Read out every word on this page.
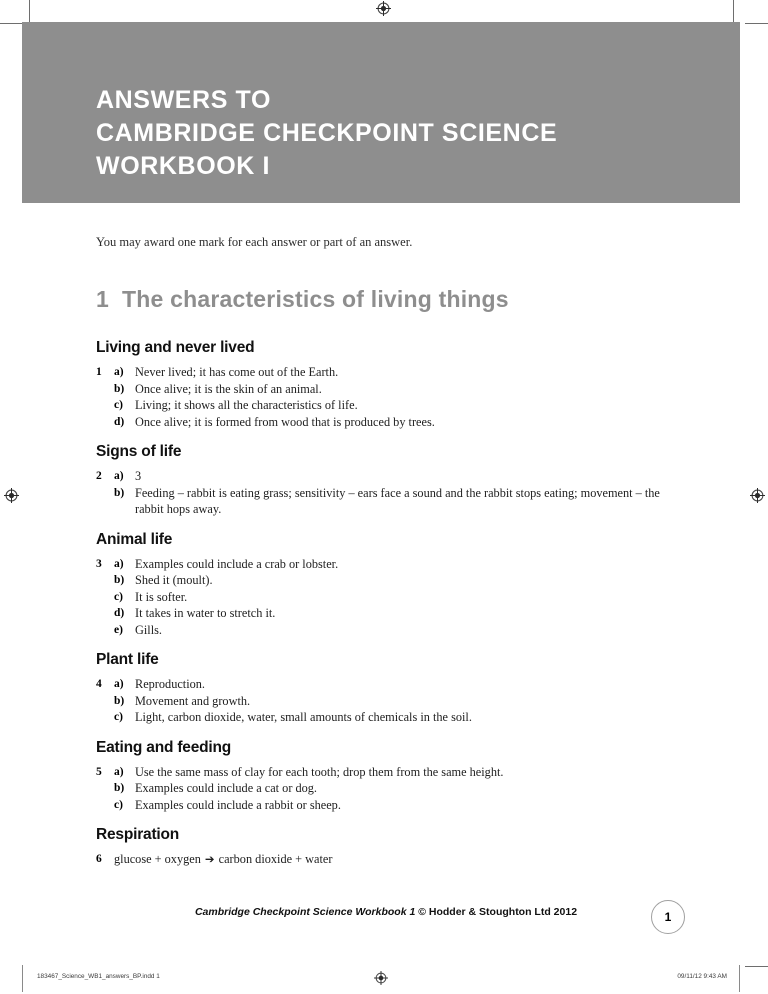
ANSWERS TO
CAMBRIDGE CHECKPOINT SCIENCE
WORKBOOK I

You may award one mark for each answer or part of an answer.

1 The characteristics of living things
Living and never lived
1	a) Never lived; it has come out of the Earth.
b) Once alive; it is the skin of an animal.
c) Living; it shows all the characteristics of life.
d) Once alive; it is formed from wood that is produced by trees.
Signs of life
2	a) 3
b) Feeding – rabbit is eating grass; sensitivity – ears face a sound and the rabbit stops eating; movement – the rabbit hops away.
Animal life
3	a) Examples could include a crab or lobster.
b) Shed it (moult).
c) It is softer.
d) It takes in water to stretch it.
e) Gills.
Plant life
4	a) Reproduction.
b) Movement and growth.
c) Light, carbon dioxide, water, small amounts of chemicals in the soil.
Eating and feeding
5	a) Use the same mass of clay for each tooth; drop them from the same height.
b) Examples could include a cat or dog.
c) Examples could include a rabbit or sheep.
Respiration
6 glucose + oxygen ➔ carbon dioxide + water
Cambridge Checkpoint Science Workbook 1 © Hodder & Stoughton Ltd 2012	1
183467_Science_WB1_answers_BP.indd 1	09/11/12 9:43 AM
